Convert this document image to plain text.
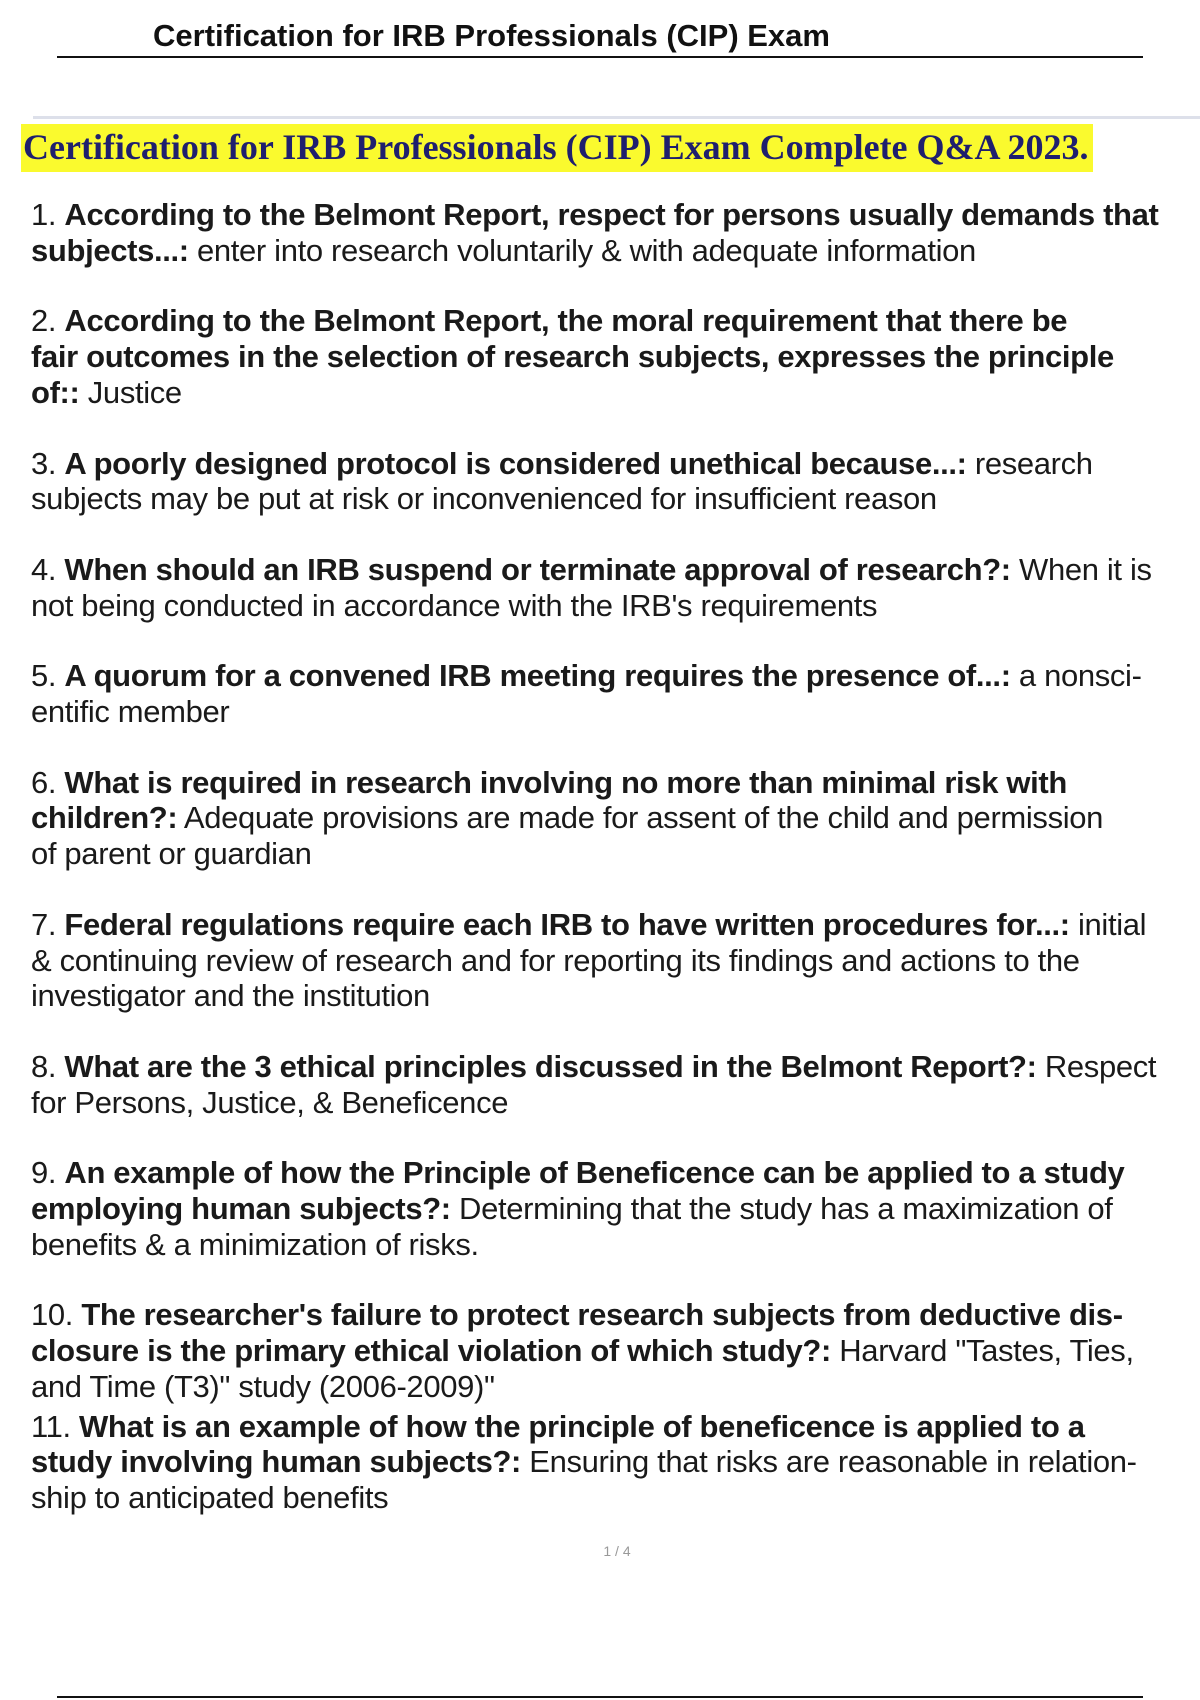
Certification for IRB Professionals (CIP) Exam
Certification for IRB Professionals (CIP) Exam Complete Q&A 2023.
1. According to the Belmont Report, respect for persons usually demands that
subjects...: enter into research voluntarily & with adequate information
2. According to the Belmont Report, the moral requirement that there be
fair outcomes in the selection of research subjects, expresses the principle
of:: Justice
3. A poorly designed protocol is considered unethical because...: research
subjects may be put at risk or inconvenienced for insufficient reason
4. When should an IRB suspend or terminate approval of research?: When it is
not being conducted in accordance with the IRB's requirements
5. A quorum for a convened IRB meeting requires the presence of...: a nonsci-
entific member
6. What is required in research involving no more than minimal risk with
children?: Adequate provisions are made for assent of the child and permission
of parent or guardian
7. Federal regulations require each IRB to have written procedures for...: initial
& continuing review of research and for reporting its findings and actions to the
investigator and the institution
8. What are the 3 ethical principles discussed in the Belmont Report?: Respect
for Persons, Justice, & Beneficence
9. An example of how the Principle of Beneficence can be applied to a study
employing human subjects?: Determining that the study has a maximization of
benefits & a minimization of risks.
10. The researcher's failure to protect research subjects from deductive dis-
closure is the primary ethical violation of which study?: Harvard "Tastes, Ties,
and Time (T3)" study (2006-2009)"
11. What is an example of how the principle of beneficence is applied to a
study involving human subjects?: Ensuring that risks are reasonable in relation-
ship to anticipated benefits
1 / 4
